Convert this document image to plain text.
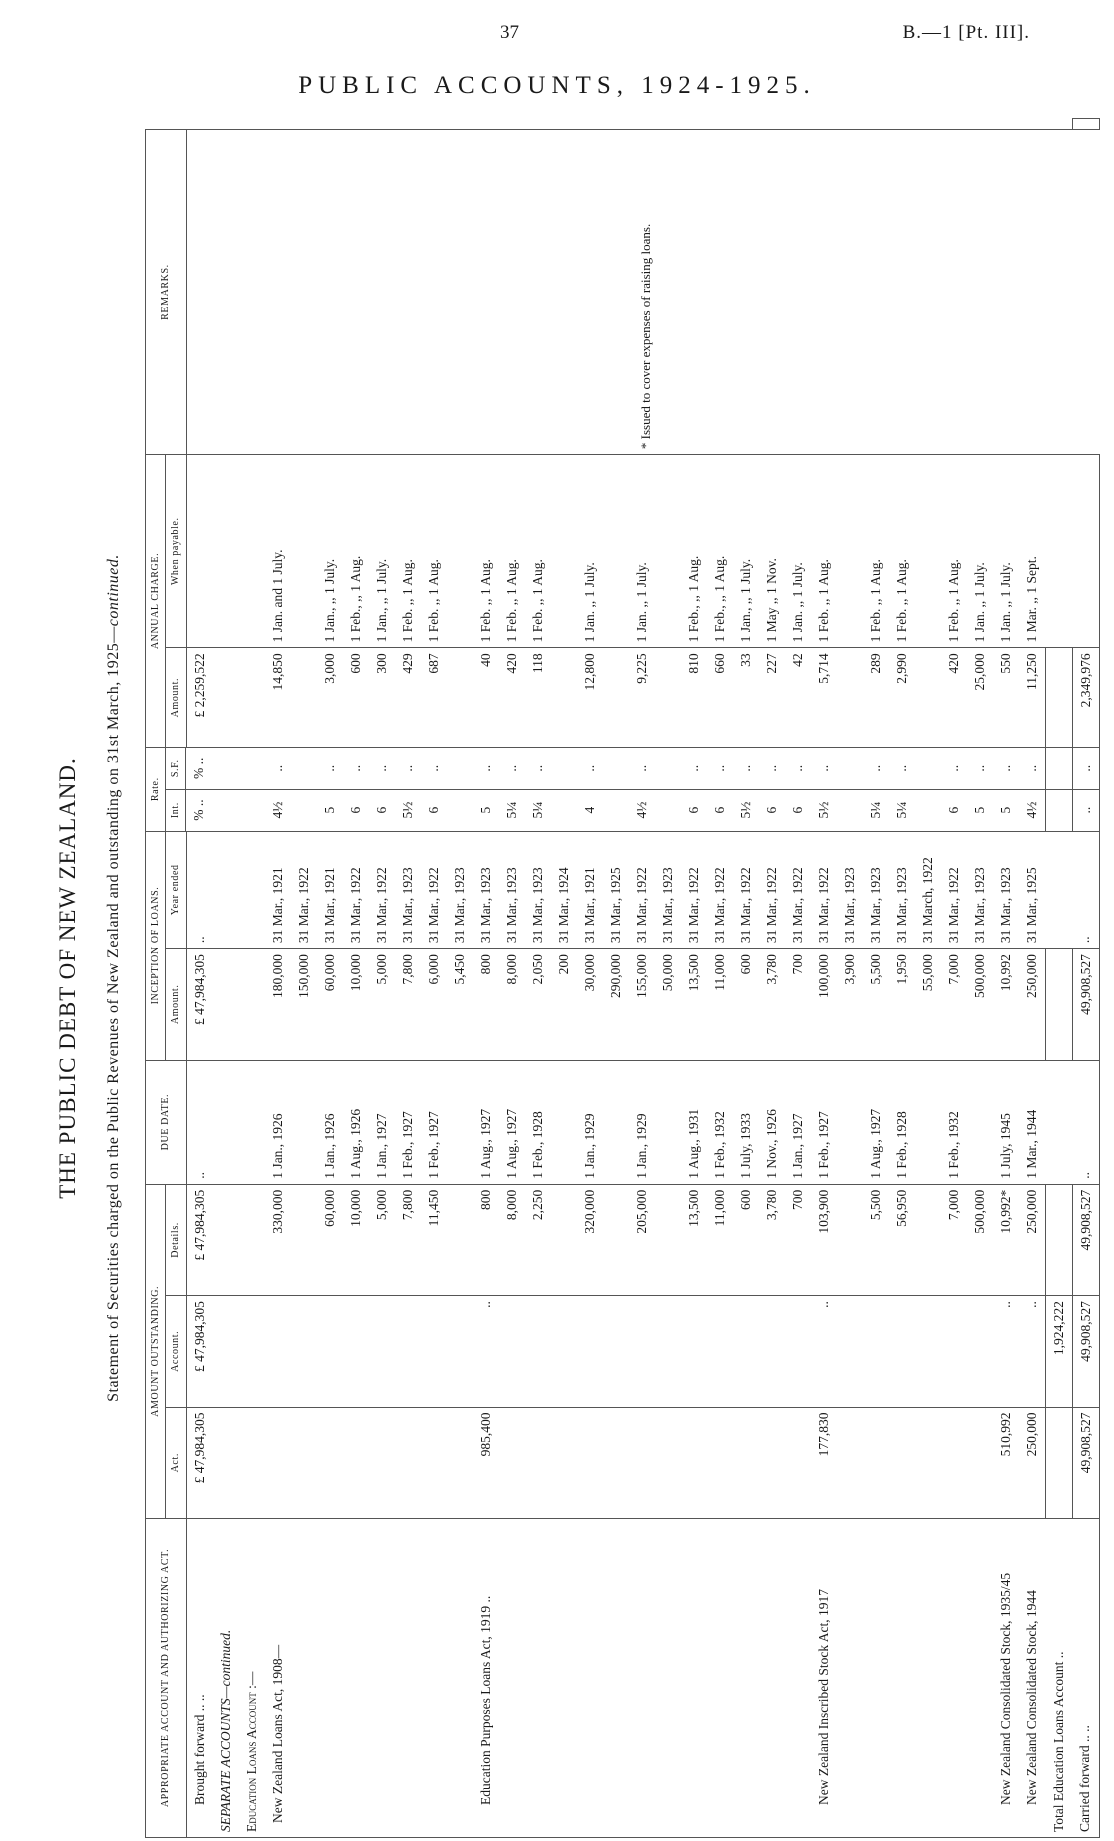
37	B.—1 [Pt. III].
PUBLIC ACCOUNTS, 1924-1925.
THE PUBLIC DEBT OF NEW ZEALAND. Statement of Securities charged on the Public Revenues of New Zealand and outstanding on 31st March, 1925—continued.
APPROPRIATE ACCOUNT AND AUTHORIZING ACT.	AMOUNT OUTSTANDING.			DUE DATE.	INCEPTION OF LOANS.		Rate.		ANNUAL CHARGE.		REMARKS.	
	Act.	Account.	Details.		Amount.	Year ended	Int.	S.F.	Amount.	When payable.		

Brought forward .. ..	£ 47,984,305	£ 47,984,305	£ 47,984,305	..	£ 47,984,305	..	% ..	% ..	£ 2,259,522		* Issued to cover expenses of raising loans.	
SEPARATE ACCOUNTS—continued.												
Education Loans Account :—												
New Zealand Loans Act, 1908—			330,000	1 Jan., 1926	180,000	31 Mar., 1921	4½	..	14,850	1 Jan. and 1 July.		
					150,000	31 Mar., 1922						
			60,000	1 Jan., 1926	60,000	31 Mar., 1921	5	..	3,000	1 Jan., ,, 1 July.		
			10,000	1 Aug., 1926	10,000	31 Mar., 1922	6	..	600	1 Feb., ,, 1 Aug.		
			5,000	1 Jan., 1927	5,000	31 Mar., 1922	6	..	300	1 Jan., ,, 1 July.		
			7,800	1 Feb., 1927	7,800	31 Mar., 1923	5½	..	429	1 Feb. ,, 1 Aug.		
			11,450	1 Feb., 1927	6,000	31 Mar., 1922	6	..	687	1 Feb. ,, 1 Aug.		
					5,450	31 Mar., 1923						
Education Purposes Loans Act, 1919 ..	985,400	..	800	1 Aug., 1927	800	31 Mar., 1923	5	..	40	1 Feb. ,, 1 Aug.		
			8,000	1 Aug., 1927	8,000	31 Mar., 1923	5¼	..	420	1 Feb. ,, 1 Aug.		
			2,250	1 Feb., 1928	2,050	31 Mar., 1923	5¼	..	118	1 Feb. ,, 1 Aug.		
					200	31 Mar., 1924						
			320,000	1 Jan., 1929	30,000	31 Mar., 1921	4	..	12,800	1 Jan. ,, 1 July.		
					290,000	31 Mar., 1925						
			205,000	1 Jan., 1929	155,000	31 Mar., 1922	4½	..	9,225	1 Jan. ,, 1 July.		
					50,000	31 Mar., 1923						
			13,500	1 Aug., 1931	13,500	31 Mar., 1922	6	..	810	1 Feb., ,, 1 Aug.		
			11,000	1 Feb., 1932	11,000	31 Mar., 1922	6	..	660	1 Feb., ,, 1 Aug.		
			600	1 July, 1933	600	31 Mar., 1922	5½	..	33	1 Jan., ,, 1 July.		
			3,780	1 Nov., 1926	3,780	31 Mar., 1922	6	..	227	1 May ,, 1 Nov.		
			700	1 Jan., 1927	700	31 Mar., 1922	6	..	42	1 Jan. ,, 1 July.		
New Zealand Inscribed Stock Act, 1917	177,830	..	103,900	1 Feb., 1927	100,000	31 Mar., 1922	5½	..	5,714	1 Feb. ,, 1 Aug.		
					3,900	31 Mar., 1923						
			5,500	1 Aug., 1927	5,500	31 Mar., 1923	5¼	..	289	1 Feb. ,, 1 Aug.		
			56,950	1 Feb., 1928	1,950	31 Mar., 1923	5¼	..	2,990	1 Feb. ,, 1 Aug.		
					55,000	31 March, 1922						
			7,000	1 Feb., 1932	7,000	31 Mar., 1922	6	..	420	1 Feb. ,, 1 Aug.		
			500,000		500,000	31 Mar., 1923	5	..	25,000	1 Jan. ,, 1 July.		
New Zealand Consolidated Stock, 1935/45	510,992	..	10,992*	1 July, 1945	10,992	31 Mar., 1923	5	..	550	1 Jan. ,, 1 July.		
New Zealand Consolidated Stock, 1944	250,000	..	250,000	1 Mar., 1944	250,000	31 Mar., 1925	4½	..	11,250	1 Mar. ,, 1 Sept.		
Total Education Loans Account ..		1,924,222										
Carried forward .. ..	49,908,527	49,908,527	49,908,527	..	49,908,527	..	..	..	2,349,976			
